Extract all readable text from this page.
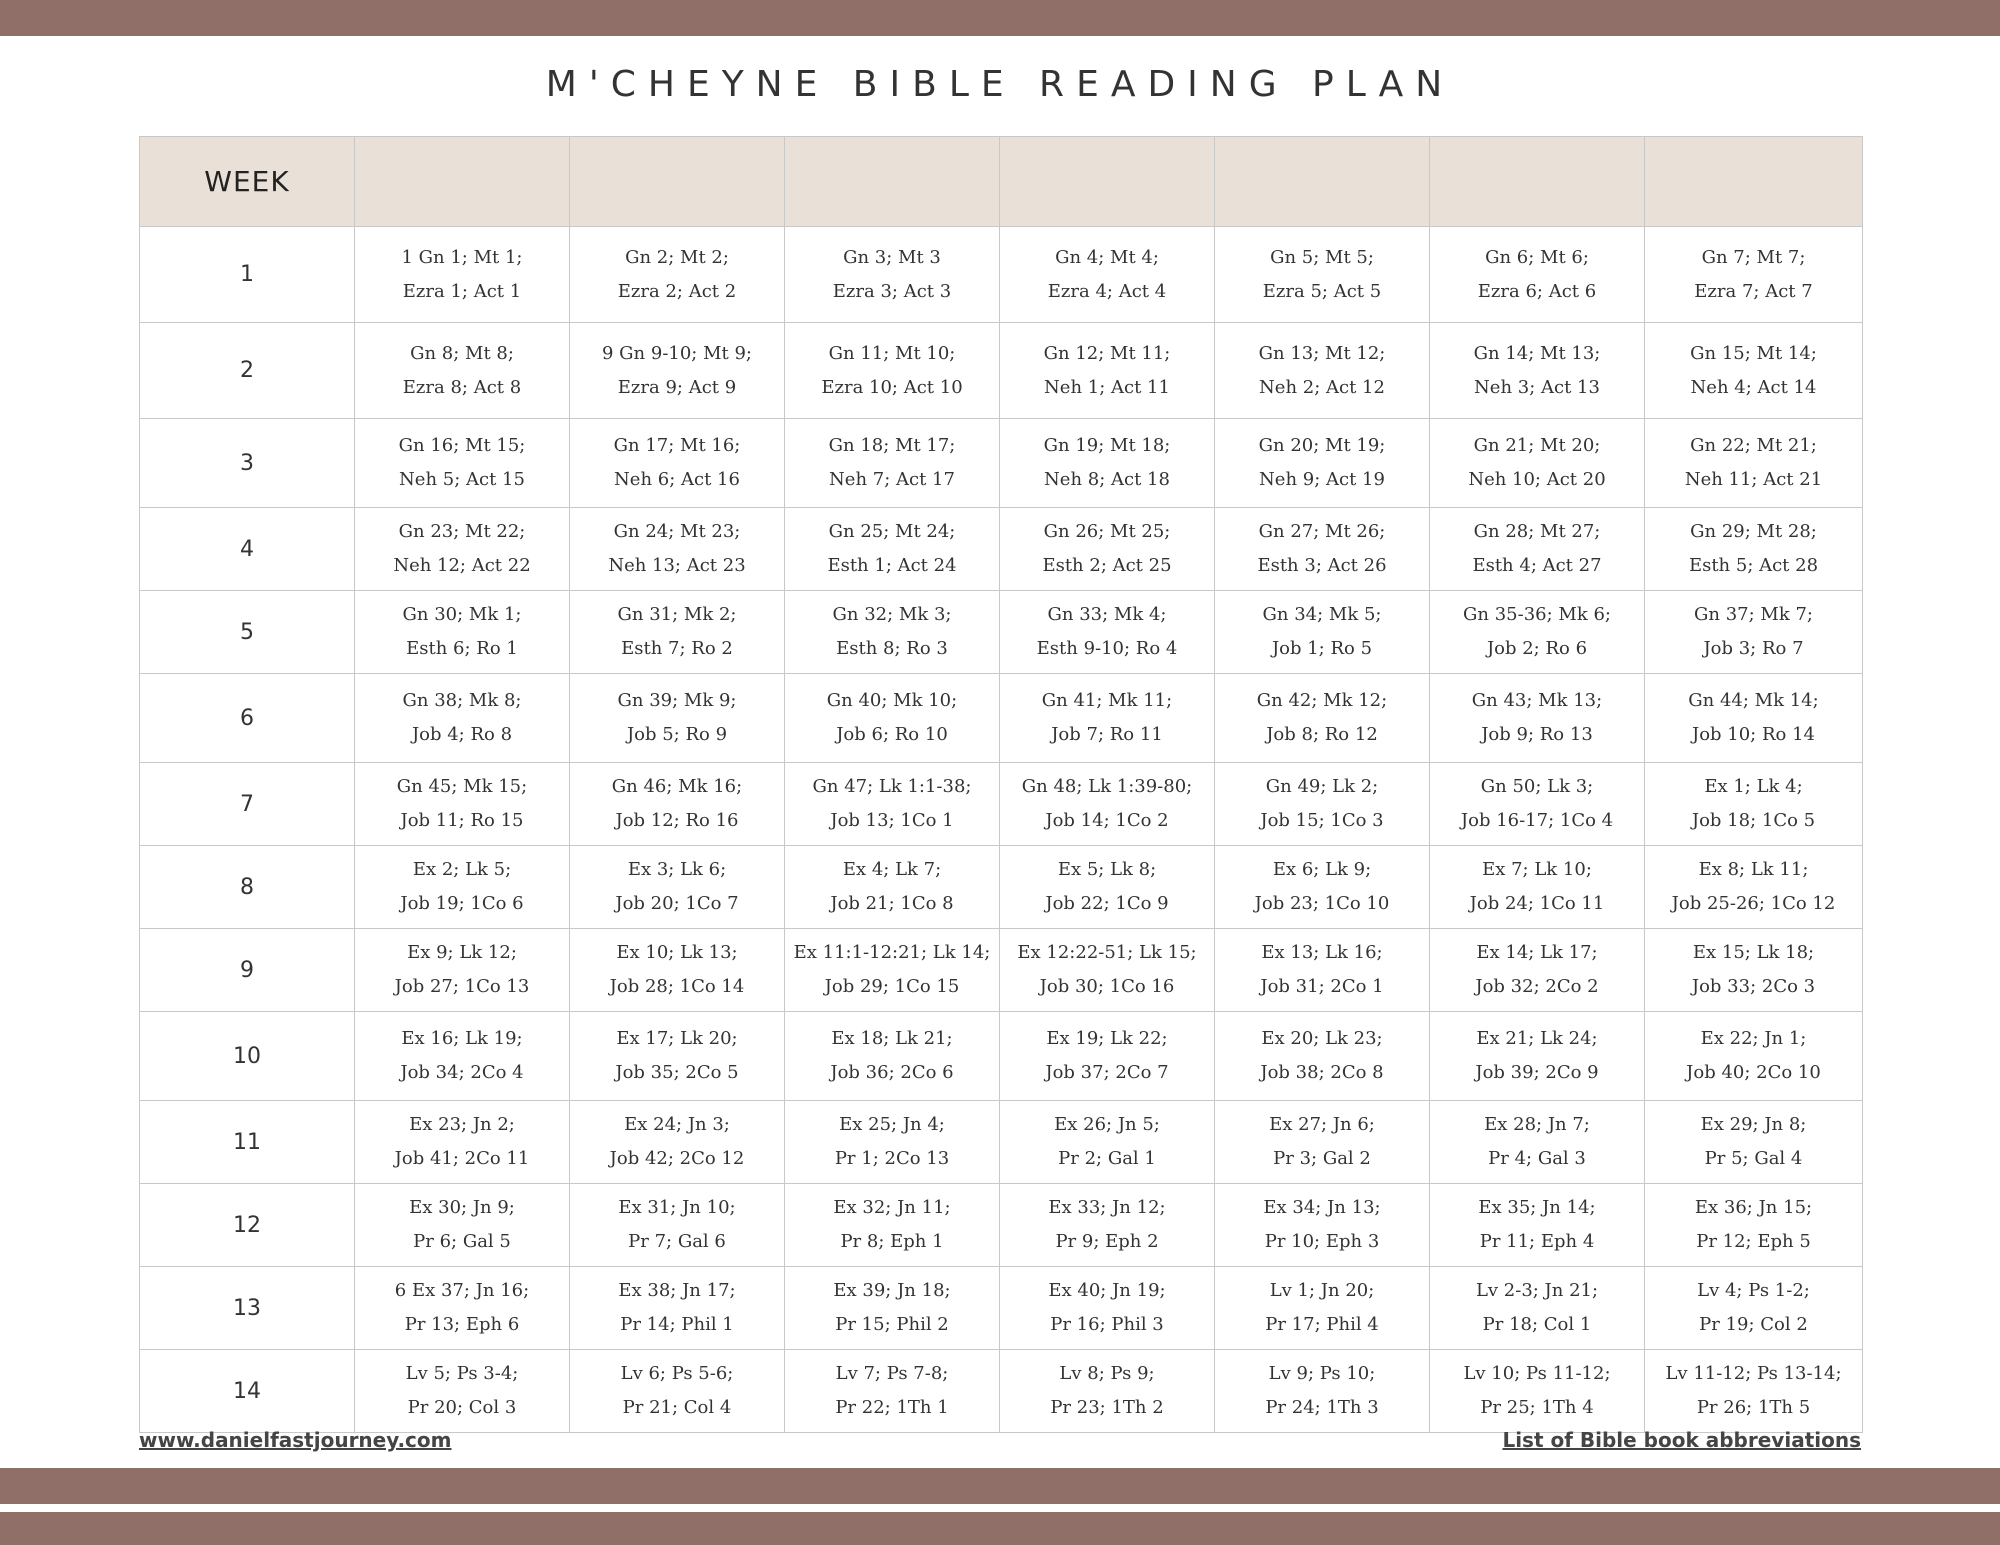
M'CHEYNE BIBLE READING PLAN
WEEK							
1	1 Gn 1; Mt 1;
Ezra 1; Act 1	Gn 2; Mt 2;
Ezra 2; Act 2	Gn 3; Mt 3
Ezra 3; Act 3	Gn 4; Mt 4;
Ezra 4; Act 4	Gn 5; Mt 5;
Ezra 5; Act 5	Gn 6; Mt 6;
Ezra 6; Act 6	Gn 7; Mt 7;
Ezra 7; Act 7

2	Gn 8; Mt 8;
Ezra 8; Act 8	9 Gn 9-10; Mt 9;
Ezra 9; Act 9	Gn 11; Mt 10;
Ezra 10; Act 10	Gn 12; Mt 11;
Neh 1; Act 11	Gn 13; Mt 12;
Neh 2; Act 12	Gn 14; Mt 13;
Neh 3; Act 13	Gn 15; Mt 14;
Neh 4; Act 14

3	Gn 16; Mt 15;
Neh 5; Act 15	Gn 17; Mt 16;
Neh 6; Act 16	Gn 18; Mt 17;
Neh 7; Act 17	Gn 19; Mt 18;
Neh 8; Act 18	Gn 20; Mt 19;
Neh 9; Act 19	Gn 21; Mt 20;
Neh 10; Act 20	Gn 22; Mt 21;
Neh 11; Act 21

4	Gn 23; Mt 22;
Neh 12; Act 22	Gn 24; Mt 23;
Neh 13; Act 23	Gn 25; Mt 24;
Esth 1; Act 24	Gn 26; Mt 25;
Esth 2; Act 25	Gn 27; Mt 26;
Esth 3; Act 26	Gn 28; Mt 27;
Esth 4; Act 27	Gn 29; Mt 28;
Esth 5; Act 28

5	Gn 30; Mk 1;
Esth 6; Ro 1	Gn 31; Mk 2;
Esth 7; Ro 2	Gn 32; Mk 3;
Esth 8; Ro 3	Gn 33; Mk 4;
Esth 9-10; Ro 4	Gn 34; Mk 5;
Job 1; Ro 5	Gn 35-36; Mk 6;
Job 2; Ro 6	Gn 37; Mk 7;
Job 3; Ro 7

6	Gn 38; Mk 8;
Job 4; Ro 8	Gn 39; Mk 9;
Job 5; Ro 9	Gn 40; Mk 10;
Job 6; Ro 10	Gn 41; Mk 11;
Job 7; Ro 11	Gn 42; Mk 12;
Job 8; Ro 12	Gn 43; Mk 13;
Job 9; Ro 13	Gn 44; Mk 14;
Job 10; Ro 14

7	Gn 45; Mk 15;
Job 11; Ro 15	Gn 46; Mk 16;
Job 12; Ro 16	Gn 47; Lk 1:1-38;
Job 13; 1Co 1	Gn 48; Lk 1:39-80;
Job 14; 1Co 2	Gn 49; Lk 2;
Job 15; 1Co 3	Gn 50; Lk 3;
Job 16-17; 1Co 4	Ex 1; Lk 4;
Job 18; 1Co 5

8	Ex 2; Lk 5;
Job 19; 1Co 6	Ex 3; Lk 6;
Job 20; 1Co 7	Ex 4; Lk 7;
Job 21; 1Co 8	Ex 5; Lk 8;
Job 22; 1Co 9	Ex 6; Lk 9;
Job 23; 1Co 10	Ex 7; Lk 10;
Job 24; 1Co 11	Ex 8; Lk 11;
Job 25-26; 1Co 12

9	Ex 9; Lk 12;
Job 27; 1Co 13	Ex 10; Lk 13;
Job 28; 1Co 14	Ex 11:1-12:21; Lk 14;
Job 29; 1Co 15	Ex 12:22-51; Lk 15;
Job 30; 1Co 16	Ex 13; Lk 16;
Job 31; 2Co 1	Ex 14; Lk 17;
Job 32; 2Co 2	Ex 15; Lk 18;
Job 33; 2Co 3

10	Ex 16; Lk 19;
Job 34; 2Co 4	Ex 17; Lk 20;
Job 35; 2Co 5	Ex 18; Lk 21;
Job 36; 2Co 6	Ex 19; Lk 22;
Job 37; 2Co 7	Ex 20; Lk 23;
Job 38; 2Co 8	Ex 21; Lk 24;
Job 39; 2Co 9	Ex 22; Jn 1;
Job 40; 2Co 10

11	Ex 23; Jn 2;
Job 41; 2Co 11	Ex 24; Jn 3;
Job 42; 2Co 12	Ex 25; Jn 4;
Pr 1; 2Co 13	Ex 26; Jn 5;
Pr 2; Gal 1	Ex 27; Jn 6;
Pr 3; Gal 2	Ex 28; Jn 7;
Pr 4; Gal 3	Ex 29; Jn 8;
Pr 5; Gal 4

12	Ex 30; Jn 9;
Pr 6; Gal 5	Ex 31; Jn 10;
Pr 7; Gal 6	Ex 32; Jn 11;
Pr 8; Eph 1	Ex 33; Jn 12;
Pr 9; Eph 2	Ex 34; Jn 13;
Pr 10; Eph 3	Ex 35; Jn 14;
Pr 11; Eph 4	Ex 36; Jn 15;
Pr 12; Eph 5

13	6 Ex 37; Jn 16;
Pr 13; Eph 6	Ex 38; Jn 17;
Pr 14; Phil 1	Ex 39; Jn 18;
Pr 15; Phil 2	Ex 40; Jn 19;
Pr 16; Phil 3	Lv 1; Jn 20;
Pr 17; Phil 4	Lv 2-3; Jn 21;
Pr 18; Col 1	Lv 4; Ps 1-2;
Pr 19; Col 2

14	Lv 5; Ps 3-4;
Pr 20; Col 3	Lv 6; Ps 5-6;
Pr 21; Col 4	Lv 7; Ps 7-8;
Pr 22; 1Th 1	Lv 8; Ps 9;
Pr 23; 1Th 2	Lv 9; Ps 10;
Pr 24; 1Th 3	Lv 10; Ps 11-12;
Pr 25; 1Th 4	Lv 11-12; Ps 13-14;
Pr 26; 1Th 5
www.danielfastjourney.com	List of Bible book abbreviations
